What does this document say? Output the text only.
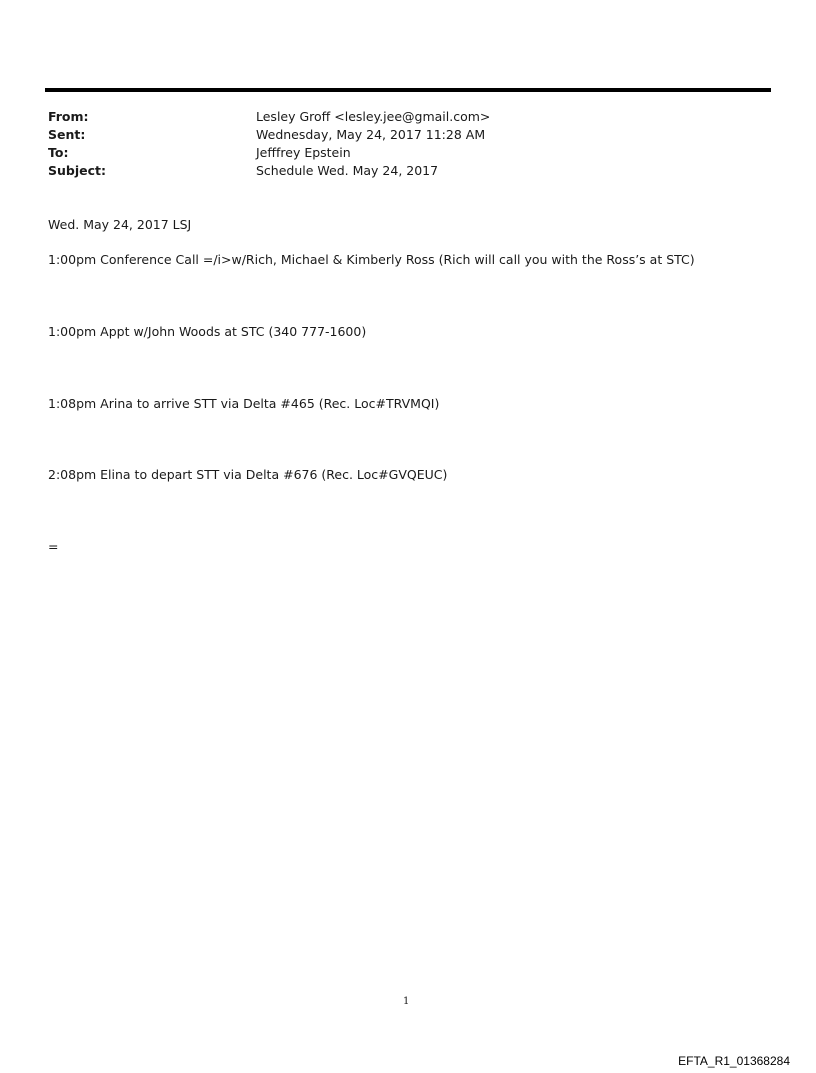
From:	Lesley Groff <lesley.jee@gmail.com>
Sent:	Wednesday, May 24, 2017 11:28 AM
To:	Jefffrey Epstein
Subject:	Schedule Wed. May 24, 2017
Wed. May 24, 2017 LSJ
1:00pm Conference Call =/i>w/Rich, Michael & Kimberly Ross (Rich will call you with the Ross’s at STC)
1:00pm Appt w/John Woods at STC (340 777-1600)
1:08pm Arina to arrive STT via Delta #465 (Rec. Loc#TRVMQI)
2:08pm Elina to depart STT via Delta #676 (Rec. Loc#GVQEUC)
=
1
EFTA_R1_01368284
